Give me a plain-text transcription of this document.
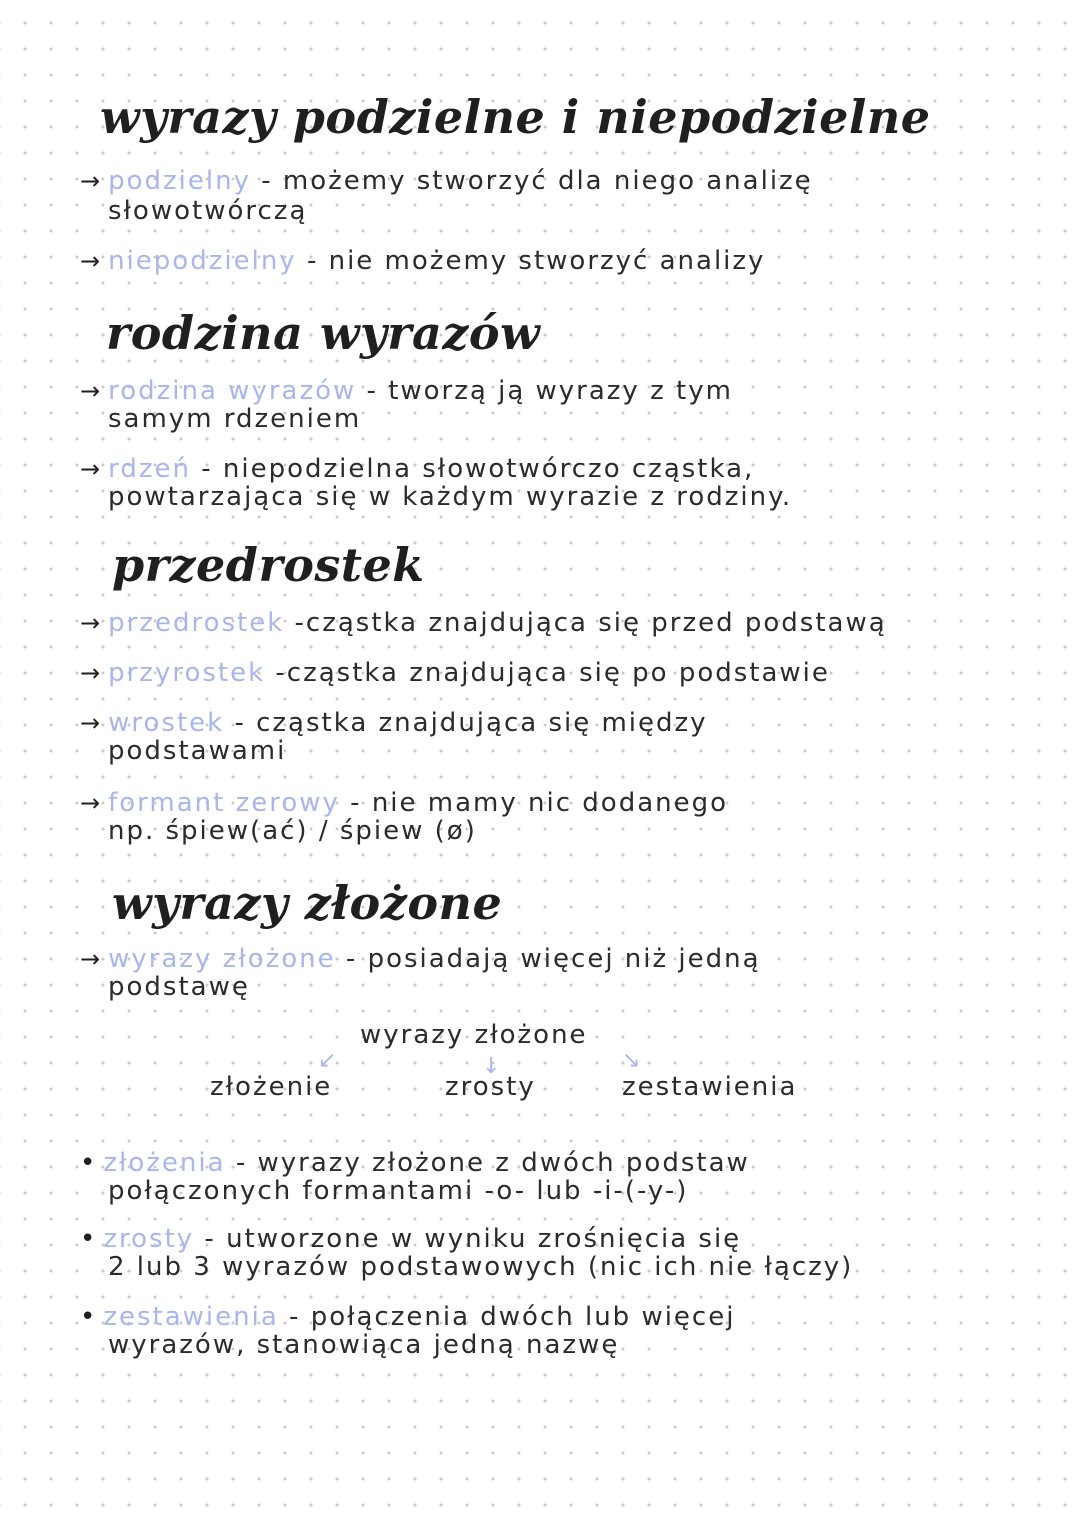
wyrazy podzielne i niepodzielne

→ podzielny - możemy stworzyć dla niego analizę

słowotwórczą

→ niepodzielny - nie możemy stworzyć analizy

rodzina wyrazów

→ rodzina wyrazów - tworzą ją wyrazy z tym

samym rdzeniem

→ rdzeń - niepodzielna słowotwórczo cząstka,

powtarzająca się w każdym wyrazie z rodziny.

przedrostek

→ przedrostek -cząstka znajdująca się przed podstawą

→ przyrostek -cząstka znajdująca się po podstawie

→ wrostek - cząstka znajdująca się między

podstawami

→ formant zerowy - nie mamy nic dodanego

np. śpiew(ać) / śpiew (ø)

wyrazy złożone

→ wyrazy złożone - posiadają więcej niż jedną

podstawę

wyrazy złożone

↙	↓	↘

złożenie	zrosty	zestawienia

• złożenia - wyrazy złożone z dwóch podstaw

połączonych formantami -o- lub -i-(-y-)

• zrosty - utworzone w wyniku zrośnięcia się

2 lub 3 wyrazów podstawowych (nic ich nie łączy)

• zestawienia - połączenia dwóch lub więcej

wyrazów, stanowiąca jedną nazwę
